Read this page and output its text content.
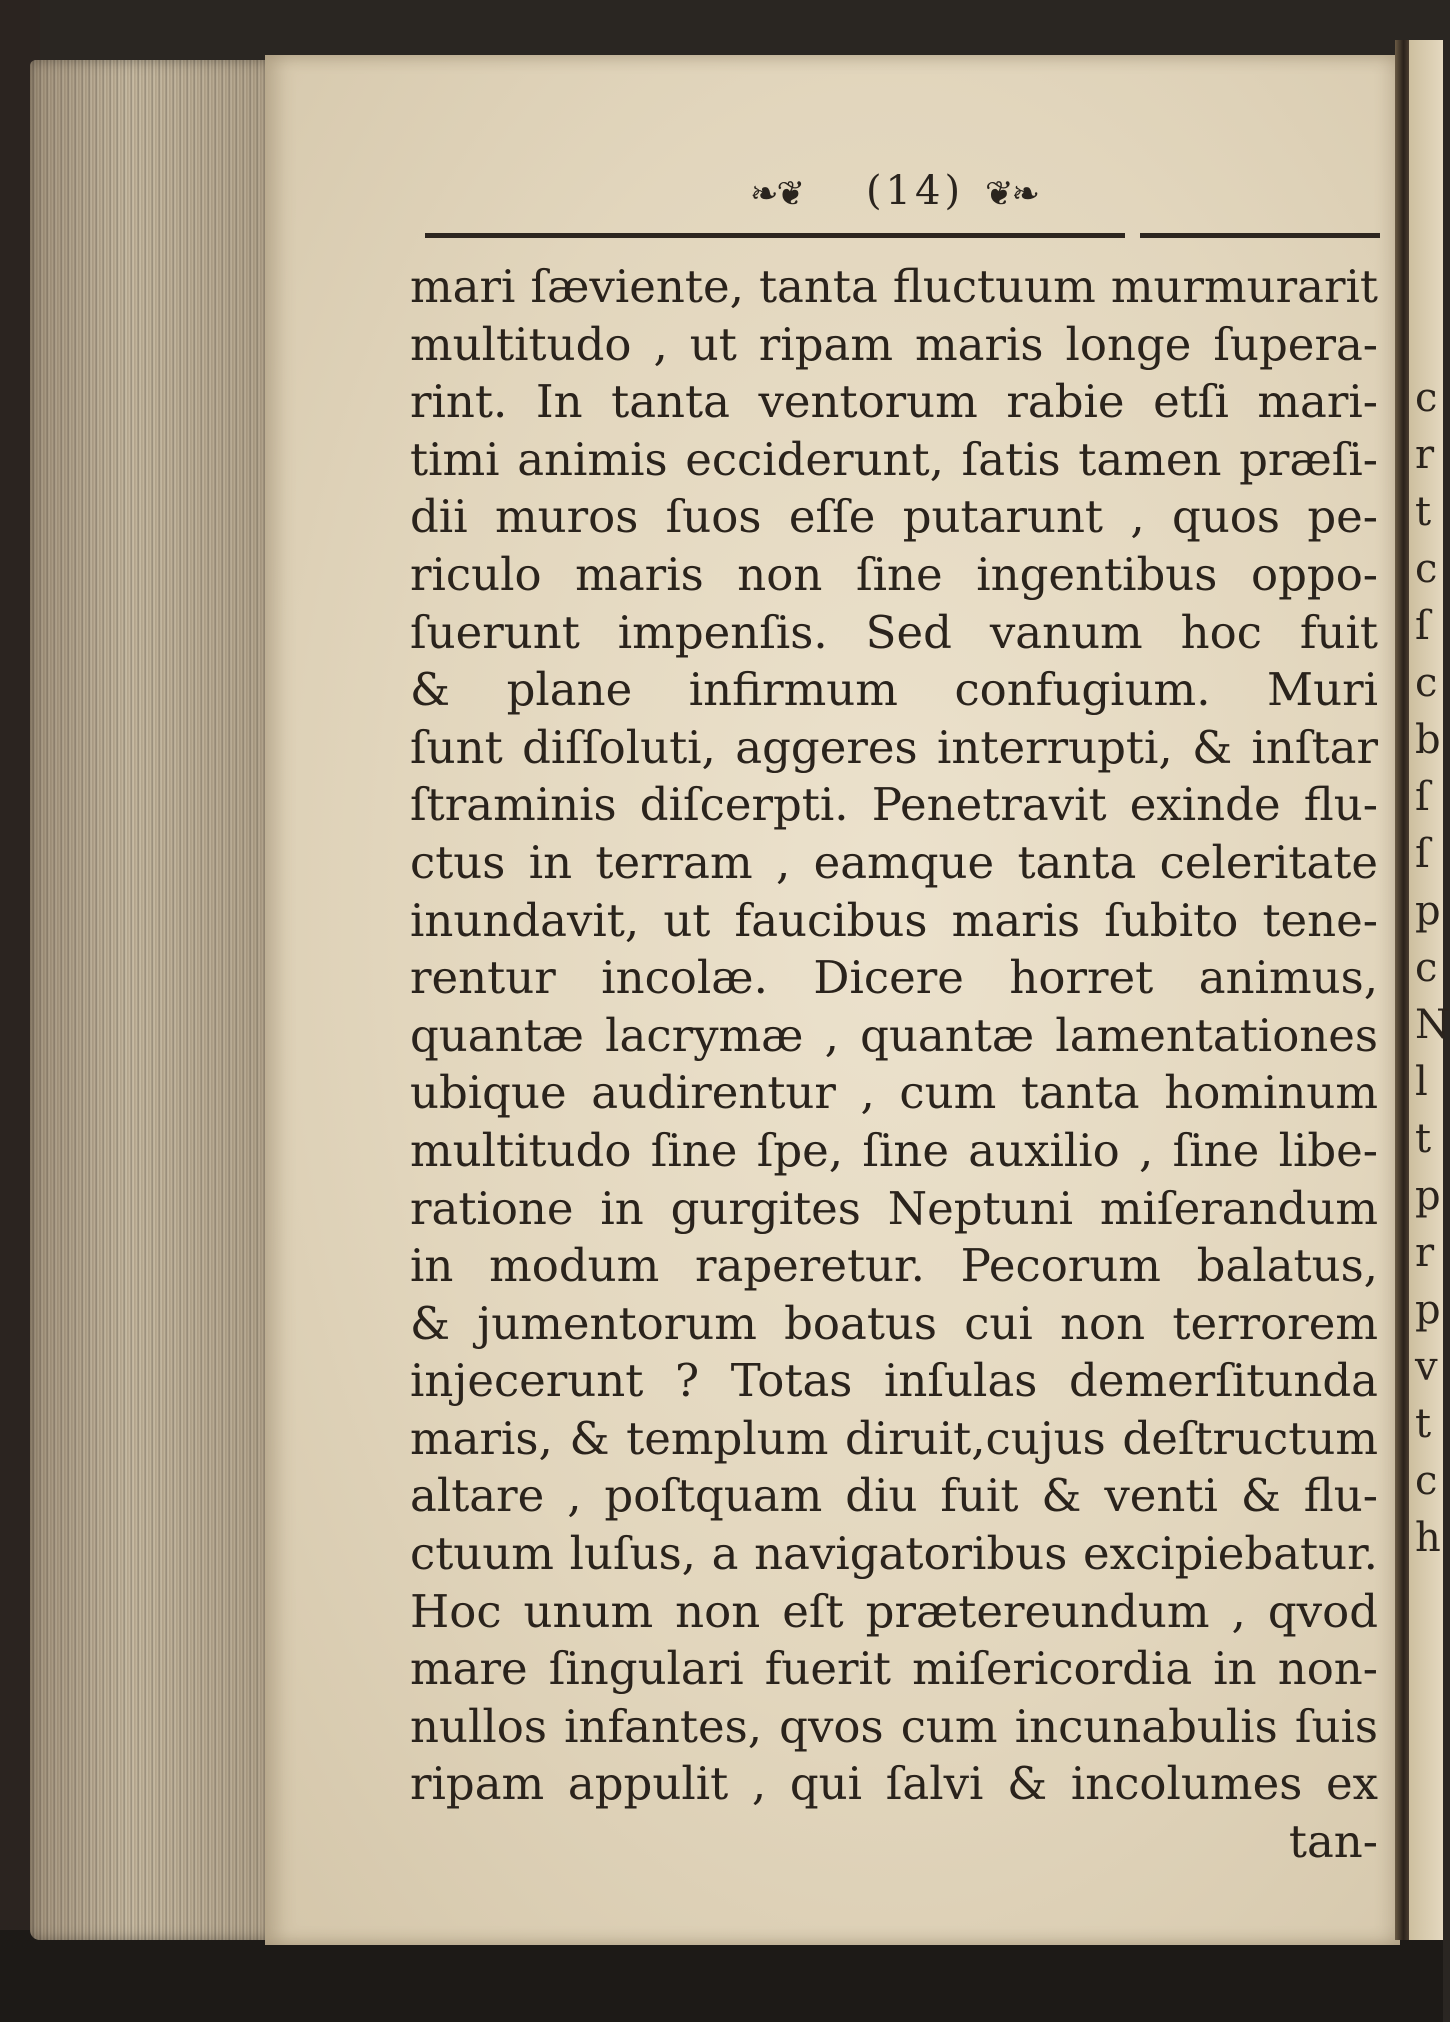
❧❦	(14) ❦❧
mari ſæviente, tanta fluctuum murmurarit
multitudo , ut ripam maris longe ſupera-
rint. In tanta ventorum rabie etſi mari-
timi animis ecciderunt, ſatis tamen præſi-
dii muros ſuos eſſe putarunt , quos pe-
riculo maris non ſine ingentibus oppo-
ſuerunt impenſis. Sed vanum hoc fuit
& plane infirmum confugium. Muri
ſunt diſſoluti, aggeres interrupti, & inſtar
ſtraminis diſcerpti. Penetravit exinde flu-
ctus in terram , eamque tanta celeritate
inundavit, ut faucibus maris ſubito tene-
rentur incolæ. Dicere horret animus,
quantæ lacrymæ , quantæ lamentationes
ubique audirentur , cum tanta hominum
multitudo ſine ſpe, ſine auxilio , ſine libe-
ratione in gurgites Neptuni miſerandum
in modum raperetur. Pecorum balatus,
& jumentorum boatus cui non terrorem
injecerunt ? Totas inſulas demerſitunda
maris, & templum diruit,cujus deſtructum
altare , poſtquam diu fuit & venti & flu-
ctuum luſus, a navigatoribus excipiebatur.
Hoc unum non eſt prætereundum , qvod
mare ſingulari fuerit miſericordia in non-
nullos infantes, qvos cum incunabulis ſuis
ripam appulit , qui ſalvi & incolumes ex
tan-
c
r
t
c
ſ
c
b
ſ
ſ
p
c
N
l
t
p
r
p
v
t
c
h
